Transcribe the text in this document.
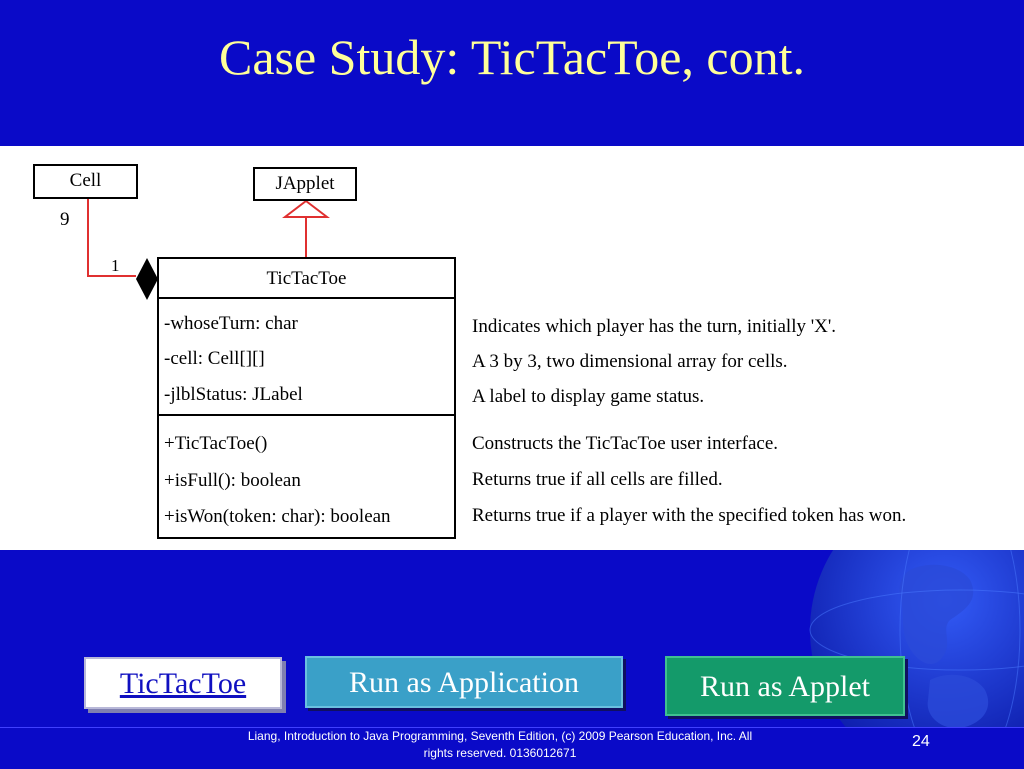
Case Study: TicTacToe, cont.
Cell	JApplet
9
1
TicTacToe
-whoseTurn: char
-cell: Cell[][]
-jlblStatus: JLabel
+TicTacToe()
+isFull(): boolean
+isWon(token: char): boolean
Indicates which player has the turn, initially 'X'.
A 3 by 3, two dimensional array for cells.
A label to display game status.
Constructs the TicTacToe user interface.
Returns true if all cells are filled.
Returns true if a player with the specified token has won.
TicTacToe	Run as Application	Run as Applet
Liang, Introduction to Java Programming, Seventh Edition, (c) 2009 Pearson Education, Inc. All
rights reserved. 0136012671
24
